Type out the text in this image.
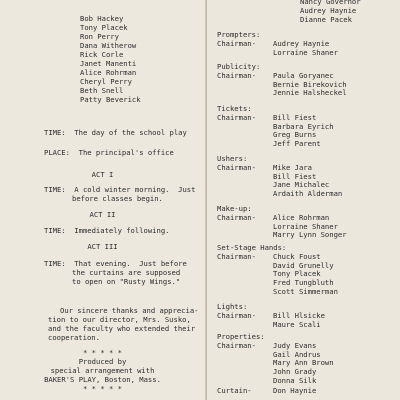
Bob Hackey
Tony Placek
Ron Perry
Dana Witherow
Rick Corle
Janet Manenti
Alice Rohrman
Cheryl Perry
Beth Snell
Patty Beverick
TIME:  The day of the school play
PLACE:  The principal's office
ACT I
TIME:  A cold winter morning.  Just
before classes begin.
ACT II
TIME:  Immediately following.
ACT III
TIME:  That evening.  Just before
the curtains are supposed
to open on "Rusty Wings."
Our sincere thanks and apprecia-
tion to our director, Mrs. Susko,
and the faculty who extended their
cooperation.
* * * * *
Produced by
special arrangement with
BAKER'S PLAY, Boston, Mass.
* * * * *
Nancy Governor
Audrey Haynie
Dianne Pacek
Prompters:
Chairman- Audrey Haynie
Lorraine Shaner
Publicity:
Chairman- Paula Goryanec
Bernie Birekovich
Jennie Halsheckel
Tickets:
Chairman- Bill Fiest
Barbara Eyrich
Greg Burns
Jeff Parent
Ushers:
Chairman- Mike Jara
Bill Fiest
Jane Michalec
Ardaith Alderman
Make-up:
Chairman- Alice Rohrman
Lorraine Shaner
Marry Lynn Songer
Set-Stage Hands:
Chairman- Chuck Foust
David Grunelly
Tony Placek
Fred Tungbluth
Scott Simmerman
Lights:
Chairman- Bill Hlsicke
Maure Scali
Properties:
Chairman- Judy Evans
Gail Andrus
Mary Ann Brown
John Grady
Donna Silk
Curtain-	Don Haynie
